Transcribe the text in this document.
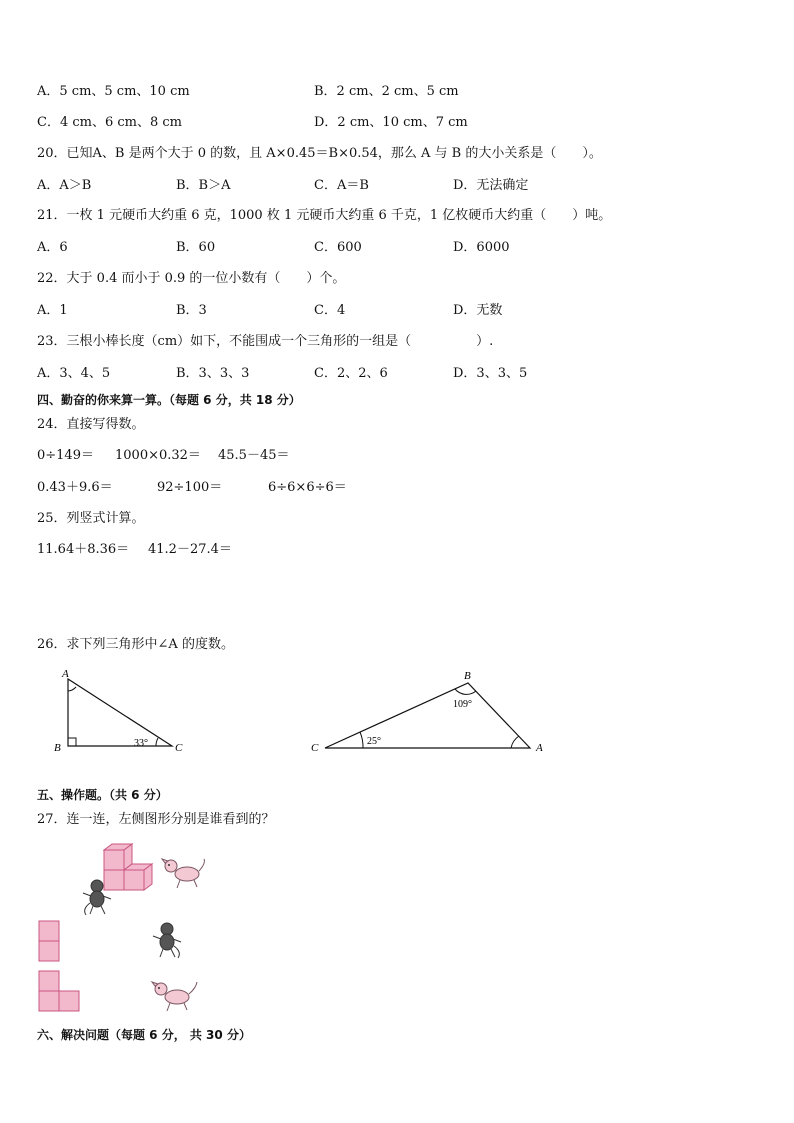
A．5 cm、5 cm、10 cm	B．2 cm、2 cm、5 cm
C．4 cm、6 cm、8 cm	D．2 cm、10 cm、7 cm
20．已知A、B 是两个大于 0 的数，且 A×0.45＝B×0.54，那么 A 与 B 的大小关系是（　　）。
A．A＞B	B．B＞A	C．A＝B	D．无法确定
21．一枚 1 元硬币大约重 6 克，1000 枚 1 元硬币大约重 6 千克，1 亿枚硬币大约重（　　）吨。
A．6	B．60	C．600	D．6000
22．大于 0.4 而小于 0.9 的一位小数有（　　）个。
A．1	B．3	C．4	D．无数
23．三根小棒长度（cm）如下，不能围成一个三角形的一组是（　　　　　）.
A．3、4、5	B．3、3、3	C．2、2、6	D．3、3、5
四、勤奋的你来算一算。（每题 6 分，共 18 分）
24．直接写得数。
0÷149＝ 1000×0.32＝ 45.5－45＝
0.43＋9.6＝	92÷100＝	6÷6×6÷6＝
25．列竖式计算。
11.64＋8.36＝ 41.2－27.4＝
26．求下列三角形中∠A 的度数。
A
B	C
33°
B
C	A
109°
25°
五、操作题。（共 6 分）
27．连一连，左侧图形分别是谁看到的？
六、解决问题（每题 6 分， 共 30 分）
